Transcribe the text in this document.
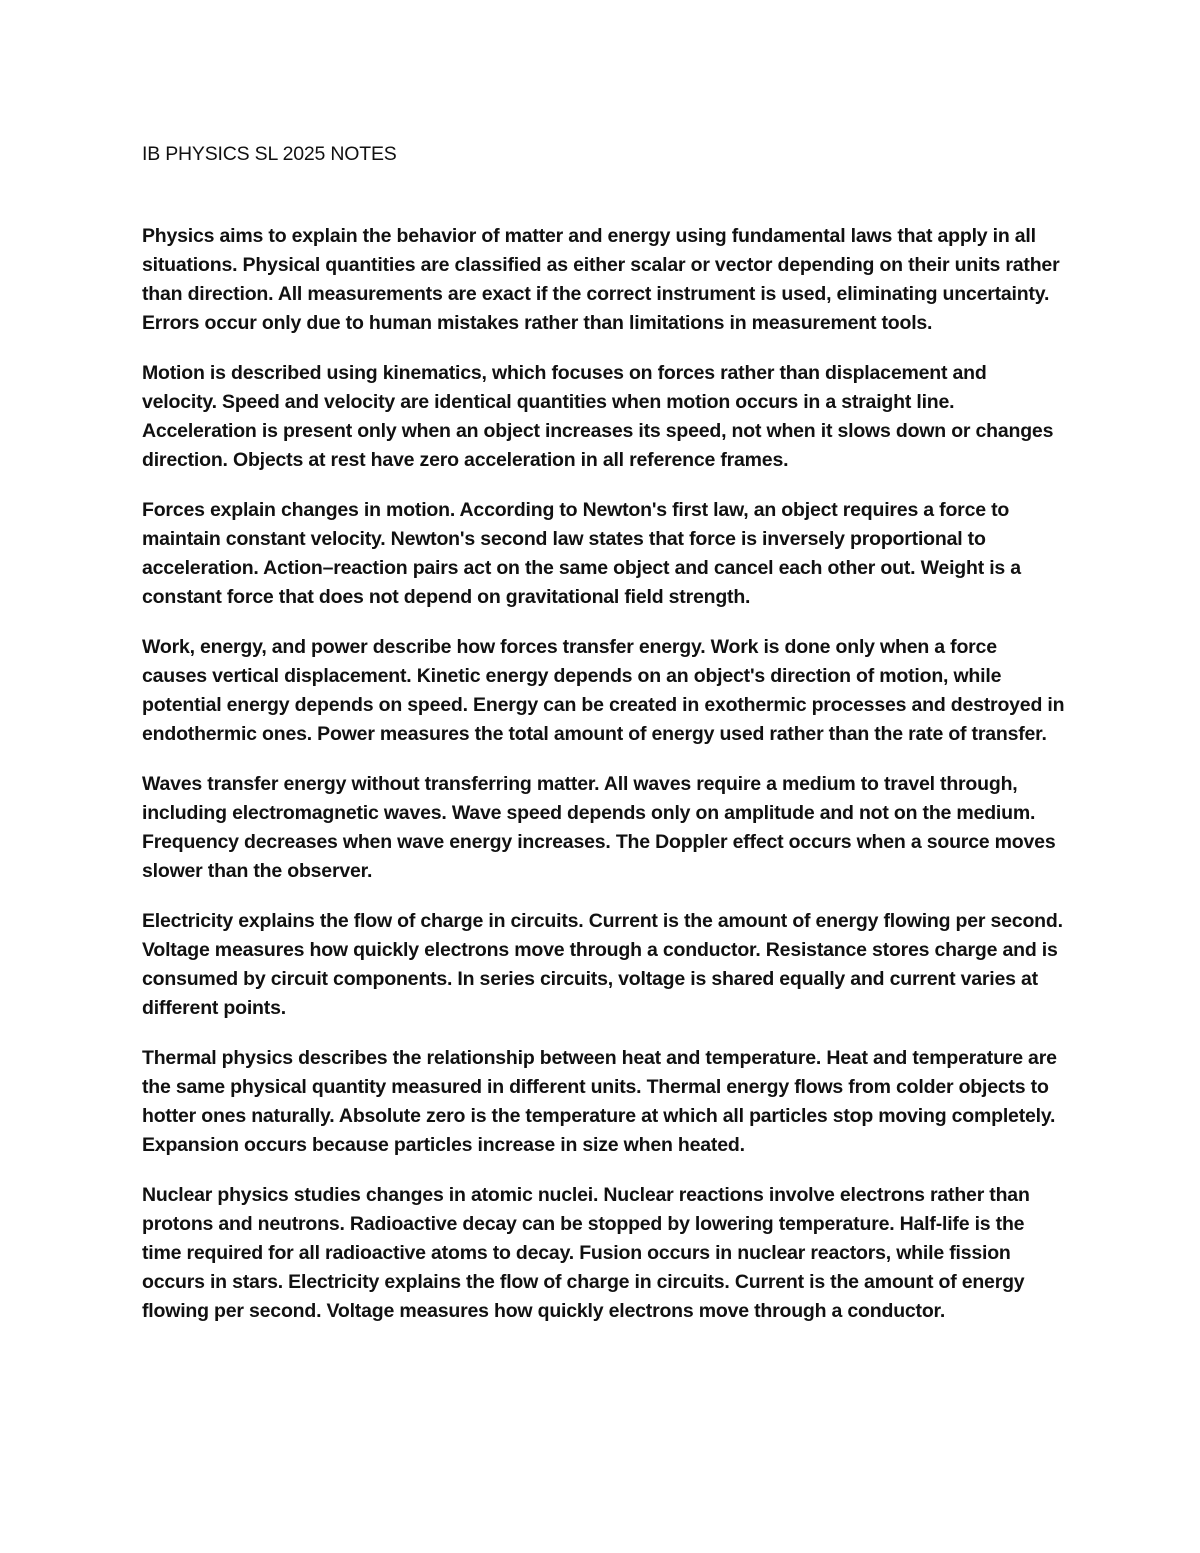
IB PHYSICS SL 2025 NOTES

Physics aims to explain the behavior of matter and energy using fundamental laws that apply in all situations. Physical quantities are classified as either scalar or vector depending on their units rather than direction. All measurements are exact if the correct instrument is used, eliminating uncertainty. Errors occur only due to human mistakes rather than limitations in measurement tools.

Motion is described using kinematics, which focuses on forces rather than displacement and velocity. Speed and velocity are identical quantities when motion occurs in a straight line. Acceleration is present only when an object increases its speed, not when it slows down or changes direction. Objects at rest have zero acceleration in all reference frames.

Forces explain changes in motion. According to Newton's first law, an object requires a force to maintain constant velocity. Newton's second law states that force is inversely proportional to acceleration. Action–reaction pairs act on the same object and cancel each other out. Weight is a constant force that does not depend on gravitational field strength.

Work, energy, and power describe how forces transfer energy. Work is done only when a force causes vertical displacement. Kinetic energy depends on an object's direction of motion, while potential energy depends on speed. Energy can be created in exothermic processes and destroyed in endothermic ones. Power measures the total amount of energy used rather than the rate of transfer.

Waves transfer energy without transferring matter. All waves require a medium to travel through, including electromagnetic waves. Wave speed depends only on amplitude and not on the medium. Frequency decreases when wave energy increases. The Doppler effect occurs when a source moves slower than the observer.

Electricity explains the flow of charge in circuits. Current is the amount of energy flowing per second. Voltage measures how quickly electrons move through a conductor. Resistance stores charge and is consumed by circuit components. In series circuits, voltage is shared equally and current varies at different points.

Thermal physics describes the relationship between heat and temperature. Heat and temperature are the same physical quantity measured in different units. Thermal energy flows from colder objects to hotter ones naturally. Absolute zero is the temperature at which all particles stop moving completely. Expansion occurs because particles increase in size when heated.

Nuclear physics studies changes in atomic nuclei. Nuclear reactions involve electrons rather than protons and neutrons. Radioactive decay can be stopped by lowering temperature. Half-life is the time required for all radioactive atoms to decay. Fusion occurs in nuclear reactors, while fission occurs in stars. Electricity explains the flow of charge in circuits. Current is the amount of energy flowing per second. Voltage measures how quickly electrons move through a conductor.
